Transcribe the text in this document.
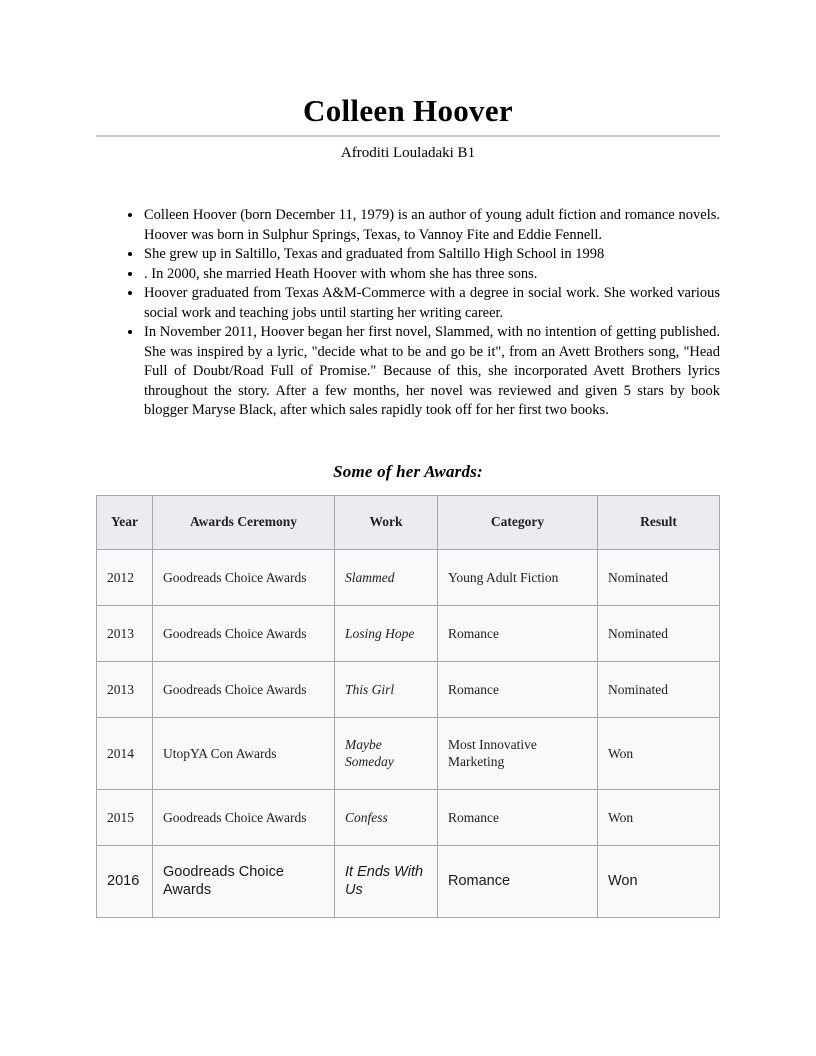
Colleen Hoover
Afroditi Louladaki B1
• Colleen Hoover (born December 11, 1979) is an author of young adult fiction and romance novels. Hoover was born in Sulphur Springs, Texas, to Vannoy Fite and Eddie Fennell.
• She grew up in Saltillo, Texas and graduated from Saltillo High School in 1998
• . In 2000, she married Heath Hoover with whom she has three sons.
• Hoover graduated from Texas A&M-Commerce with a degree in social work. She worked various social work and teaching jobs until starting her writing career.
• In November 2011, Hoover began her first novel, Slammed, with no intention of getting published. She was inspired by a lyric, "decide what to be and go be it", from an Avett Brothers song, "Head Full of Doubt/Road Full of Promise." Because of this, she incorporated Avett Brothers lyrics throughout the story. After a few months, her novel was reviewed and given 5 stars by book blogger Maryse Black, after which sales rapidly took off for her first two books.
Some of her Awards:
Year	Awards Ceremony	Work	Category	Result
2012	Goodreads Choice Awards	Slammed	Young Adult Fiction	Nominated
2013	Goodreads Choice Awards	Losing Hope	Romance	Nominated
2013	Goodreads Choice Awards	This Girl	Romance	Nominated
2014	UtopYA Con Awards	Maybe Someday	Most Innovative Marketing	Won
2015	Goodreads Choice Awards	Confess	Romance	Won
2016	Goodreads Choice Awards	It Ends With Us	Romance	Won
